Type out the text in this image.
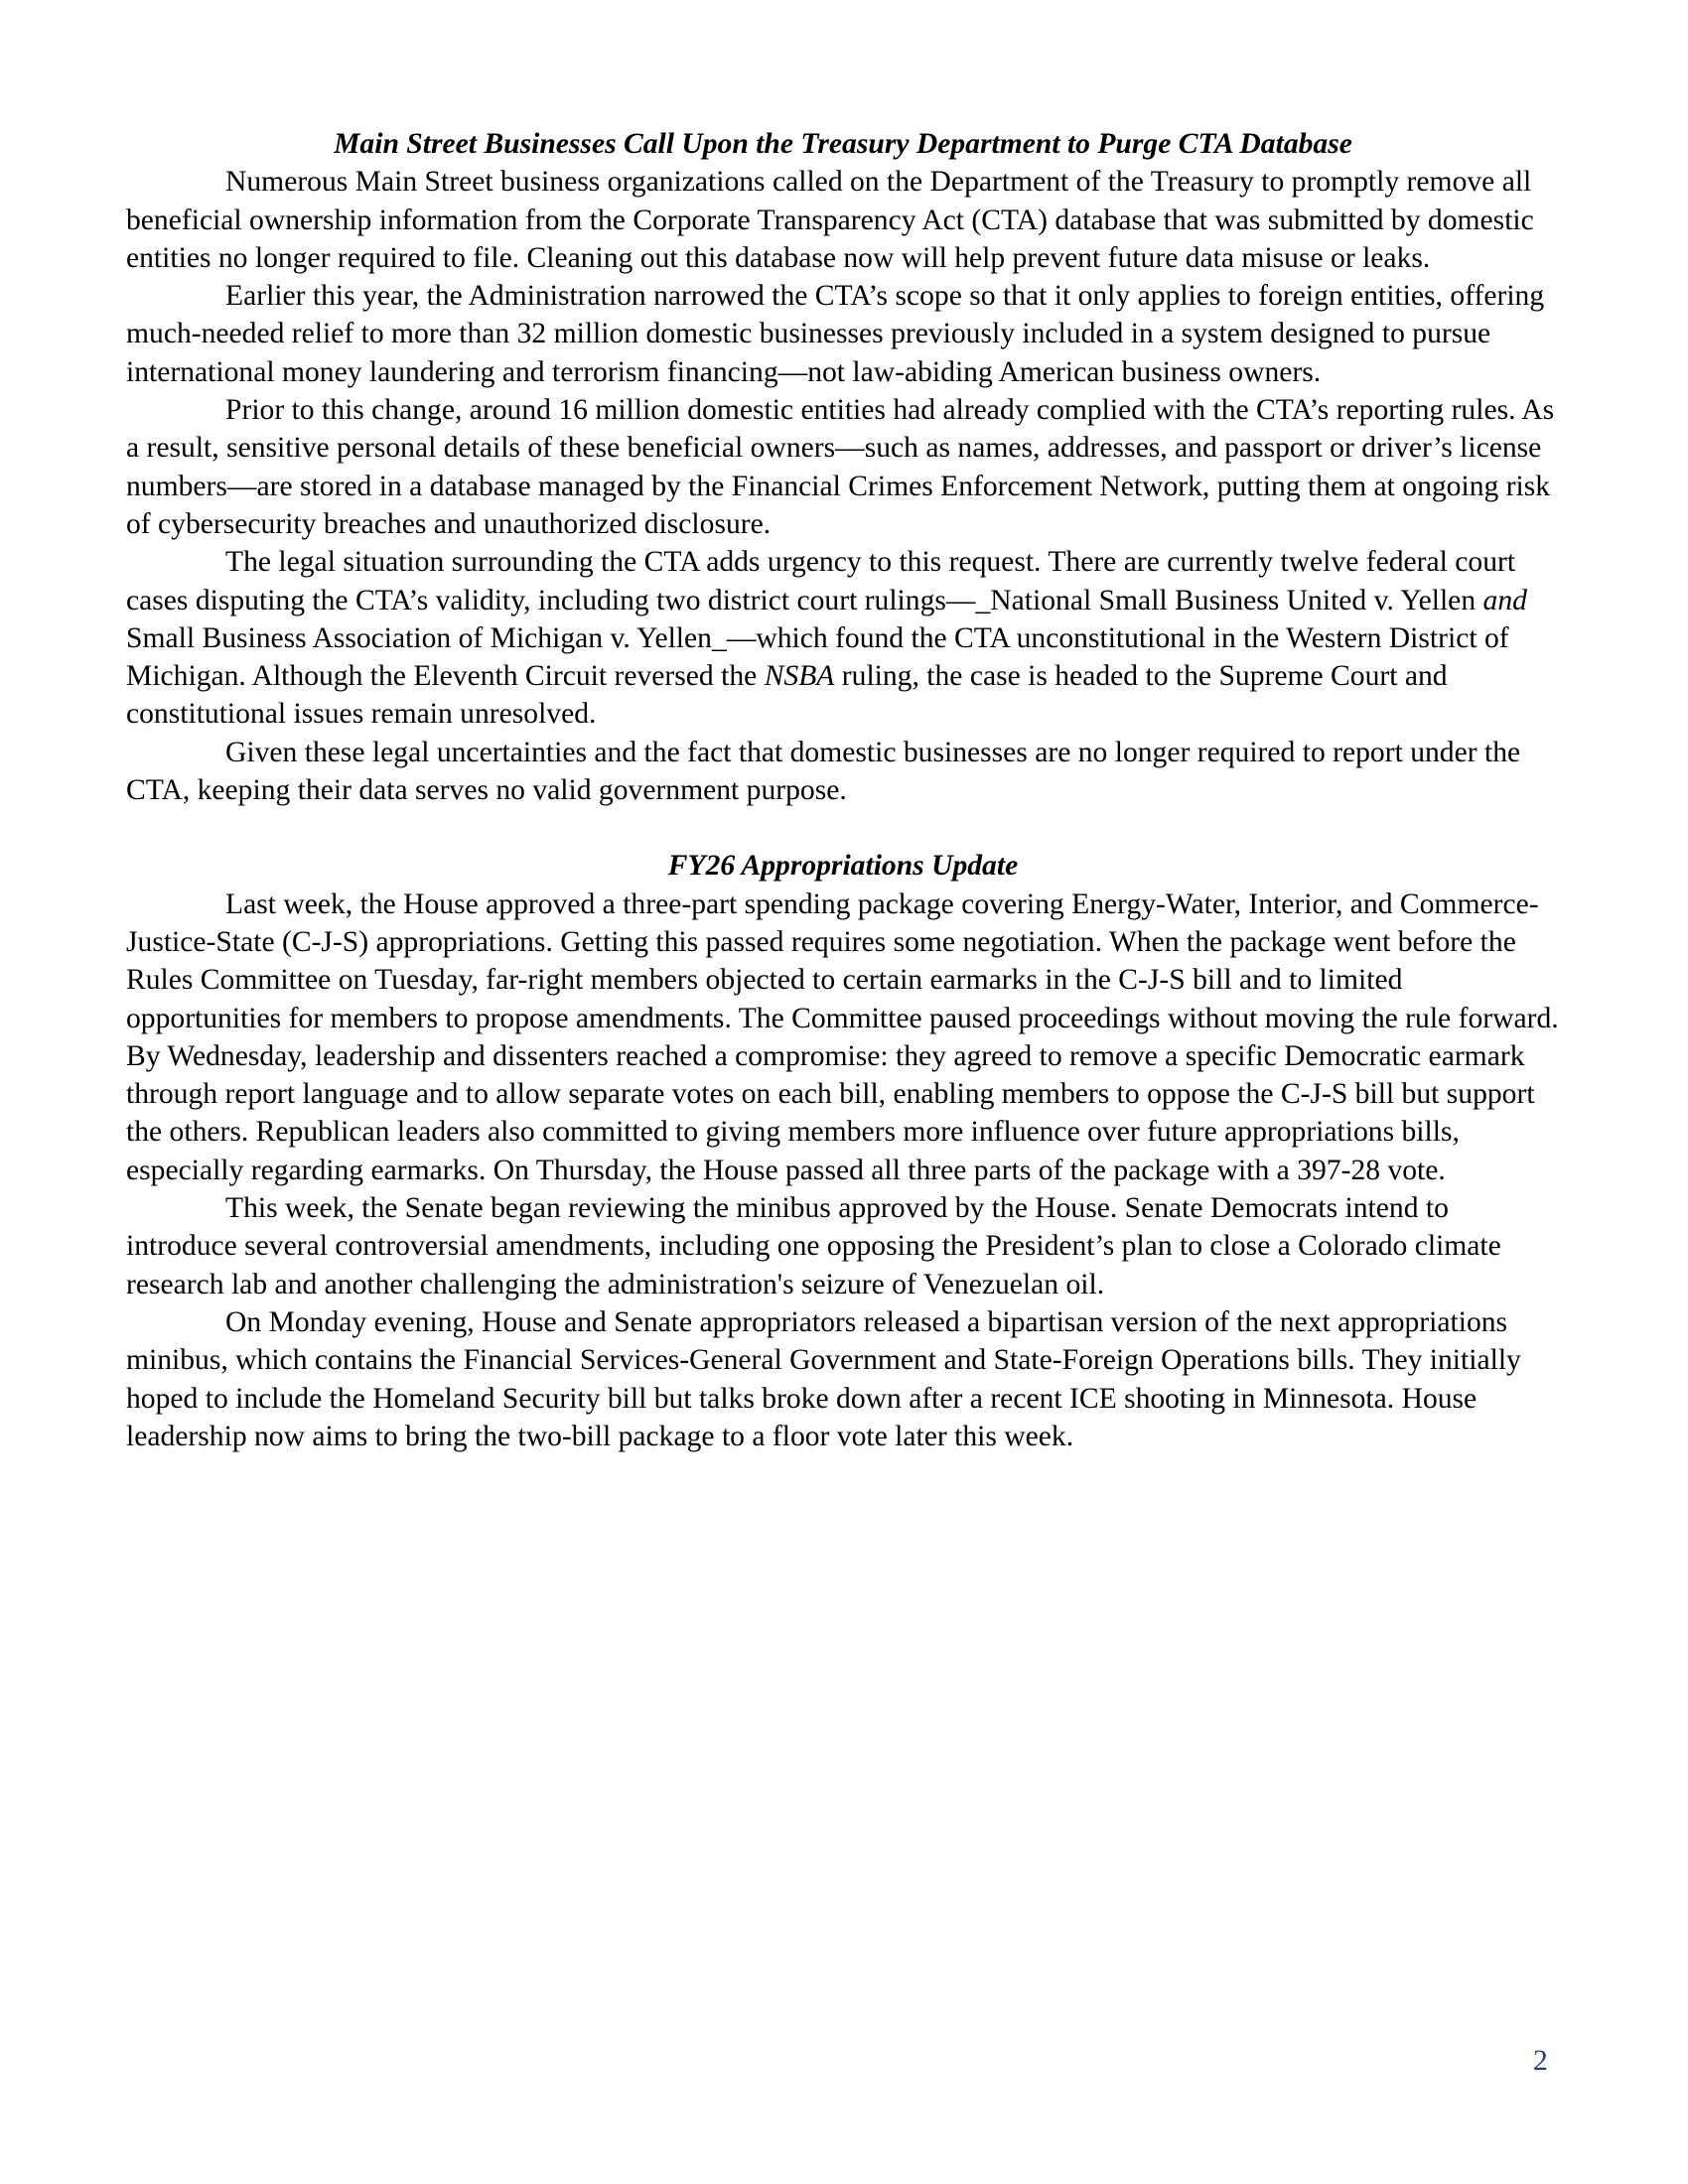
Main Street Businesses Call Upon the Treasury Department to Purge CTA Database

Numerous Main Street business organizations called on the Department of the Treasury to promptly remove all beneficial ownership information from the Corporate Transparency Act (CTA) database that was submitted by domestic entities no longer required to file. Cleaning out this database now will help prevent future data misuse or leaks.

Earlier this year, the Administration narrowed the CTA’s scope so that it only applies to foreign entities, offering much-needed relief to more than 32 million domestic businesses previously included in a system designed to pursue international money laundering and terrorism financing—not law-abiding American business owners.

Prior to this change, around 16 million domestic entities had already complied with the CTA’s reporting rules. As a result, sensitive personal details of these beneficial owners—such as names, addresses, and passport or driver’s license numbers—are stored in a database managed by the Financial Crimes Enforcement Network, putting them at ongoing risk of cybersecurity breaches and unauthorized disclosure.

The legal situation surrounding the CTA adds urgency to this request. There are currently twelve federal court cases disputing the CTA’s validity, including two district court rulings—_National Small Business United v. Yellen and Small Business Association of Michigan v. Yellen_—which found the CTA unconstitutional in the Western District of Michigan. Although the Eleventh Circuit reversed the NSBA ruling, the case is headed to the Supreme Court and constitutional issues remain unresolved.

Given these legal uncertainties and the fact that domestic businesses are no longer required to report under the CTA, keeping their data serves no valid government purpose.

FY26 Appropriations Update

Last week, the House approved a three-part spending package covering Energy-Water, Interior, and Commerce-Justice-State (C-J-S) appropriations. Getting this passed requires some negotiation. When the package went before the Rules Committee on Tuesday, far-right members objected to certain earmarks in the C-J-S bill and to limited opportunities for members to propose amendments. The Committee paused proceedings without moving the rule forward. By Wednesday, leadership and dissenters reached a compromise: they agreed to remove a specific Democratic earmark through report language and to allow separate votes on each bill, enabling members to oppose the C-J-S bill but support the others. Republican leaders also committed to giving members more influence over future appropriations bills, especially regarding earmarks. On Thursday, the House passed all three parts of the package with a 397-28 vote.

This week, the Senate began reviewing the minibus approved by the House. Senate Democrats intend to introduce several controversial amendments, including one opposing the President’s plan to close a Colorado climate research lab and another challenging the administration's seizure of Venezuelan oil.

On Monday evening, House and Senate appropriators released a bipartisan version of the next appropriations minibus, which contains the Financial Services-General Government and State-Foreign Operations bills. They initially hoped to include the Homeland Security bill but talks broke down after a recent ICE shooting in Minnesota. House leadership now aims to bring the two-bill package to a floor vote later this week.

2
